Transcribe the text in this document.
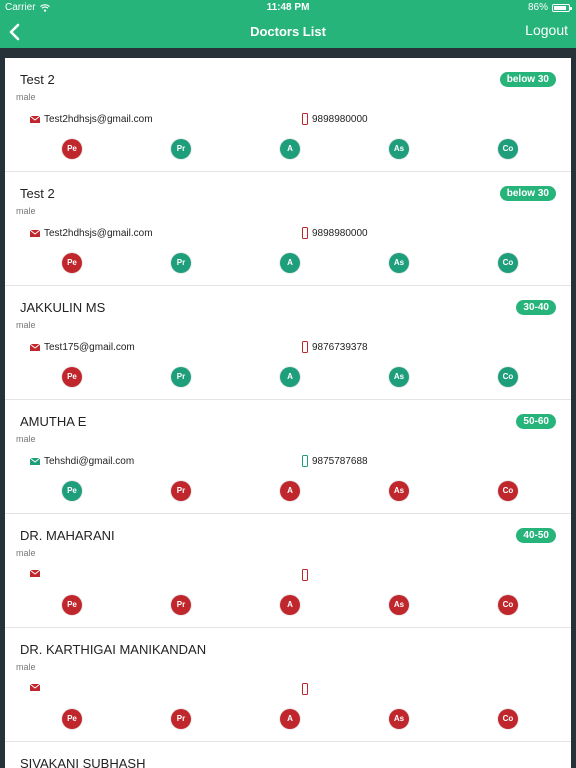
Carrier	11:48 PM	86%
Doctors List	Logout
Test 2
male
below 30
Test2hdhsjs@gmail.com	9898980000
Pe	Pr	A	As	Co
Test 2
male
below 30
Test2hdhsjs@gmail.com	9898980000
Pe	Pr	A	As	Co
JAKKULIN MS
male
30-40
Test175@gmail.com	9876739378
Pe	Pr	A	As	Co
AMUTHA E
male
50-60
Tehshdi@gmail.com	9875787688
Pe	Pr	A	As	Co
DR. MAHARANI
male
40-50
Pe	Pr	A	As	Co
DR. KARTHIGAI MANIKANDAN
male
Pe	Pr	A	As	Co
SIVAKANI SUBHASH
